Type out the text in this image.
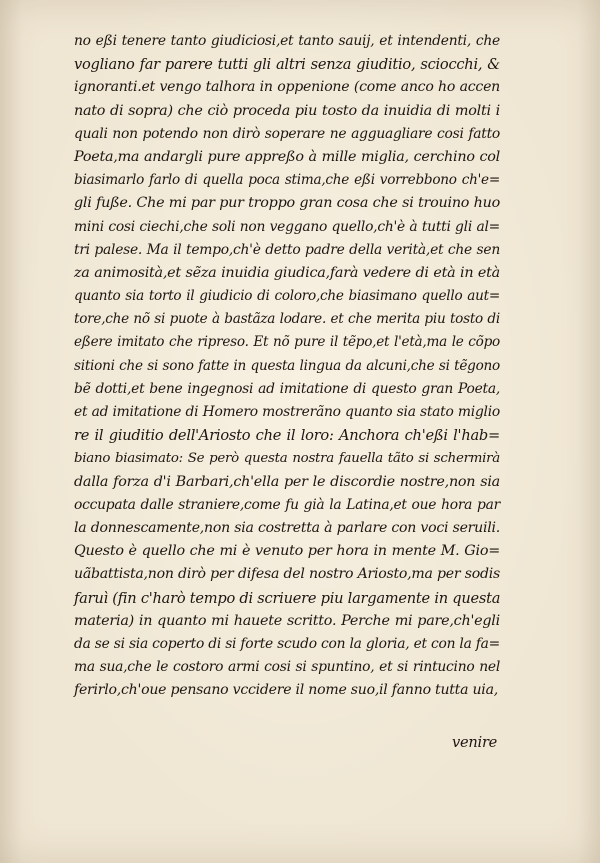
no eßi tenere tanto giudiciosi,et tanto sauij, et intendenti, che
vogliano far parere tutti gli altri senza giuditio, sciocchi, &
ignoranti.et vengo talhora in oppenione (come anco ho accen
nato di sopra) che ciò proceda piu tosto da inuidia di molti i
quali non potendo non dirò soperare ne agguagliare cosi fatto
Poeta,ma andargli pure appreßo à mille miglia, cerchino col
biasimarlo farlo di quella poca stima,che eßi vorrebbono ch'e=
gli fuße. Che mi par pur troppo gran cosa che si trouino huo
mini cosi ciechi,che soli non veggano quello,ch'è à tutti gli al=
tri palese. Ma il tempo,ch'è detto padre della verità,et che sen
za animosità,et sẽza inuidia giudica,farà vedere di età in età
quanto sia torto il giudicio di coloro,che biasimano quello aut=
tore,che nõ si puote à bastãza lodare. et che merita piu tosto di
eßere imitato che ripreso. Et nõ pure il tẽpo,et l'età,ma le cõpo
sitioni che si sono fatte in questa lingua da alcuni,che si tẽgono
bẽ dotti,et bene ingegnosi ad imitatione di questo gran Poeta,
et ad imitatione di Homero mostrerãno quanto sia stato miglio
re il giuditio dell'Ariosto che il loro: Anchora ch'eßi l'hab=
biano biasimato: Se però questa nostra fauella tãto si schermirà
dalla forza d'i Barbari,ch'ella per le discordie nostre,non sia
occupata dalle straniere,come fu già la Latina,et oue hora par
la donnescamente,non sia costretta à parlare con voci seruili.
Questo è quello che mi è venuto per hora in mente M. Gio=
uãbattista,non dirò per difesa del nostro Ariosto,ma per sodis
faruì (fin c'harò tempo di scriuere piu largamente in questa
materia) in quanto mi hauete scritto. Perche mi pare,ch'egli
da se si sia coperto di si forte scudo con la gloria, et con la fa=
ma sua,che le costoro armi cosi si spuntino, et si rintucino nel
ferirlo,ch'oue pensano vccidere il nome suo,il fanno tutta uia,
venire
